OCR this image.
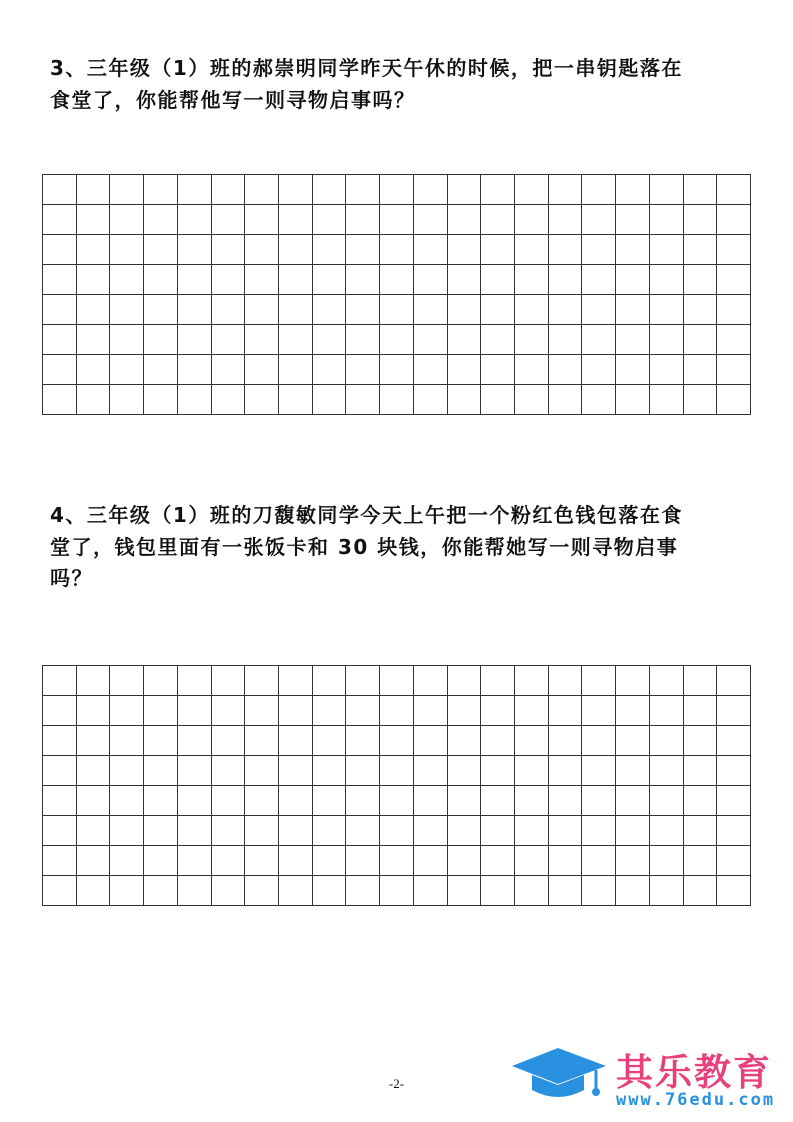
3、三年级（1）班的郝崇明同学昨天午休的时候，把一串钥匙落在
食堂了，你能帮他写一则寻物启事吗？
4、三年级（1）班的刀馥敏同学今天上午把一个粉红色钱包落在食
堂了，钱包里面有一张饭卡和 30 块钱，你能帮她写一则寻物启事
吗？
-2-	其乐教育
www.76edu.com
